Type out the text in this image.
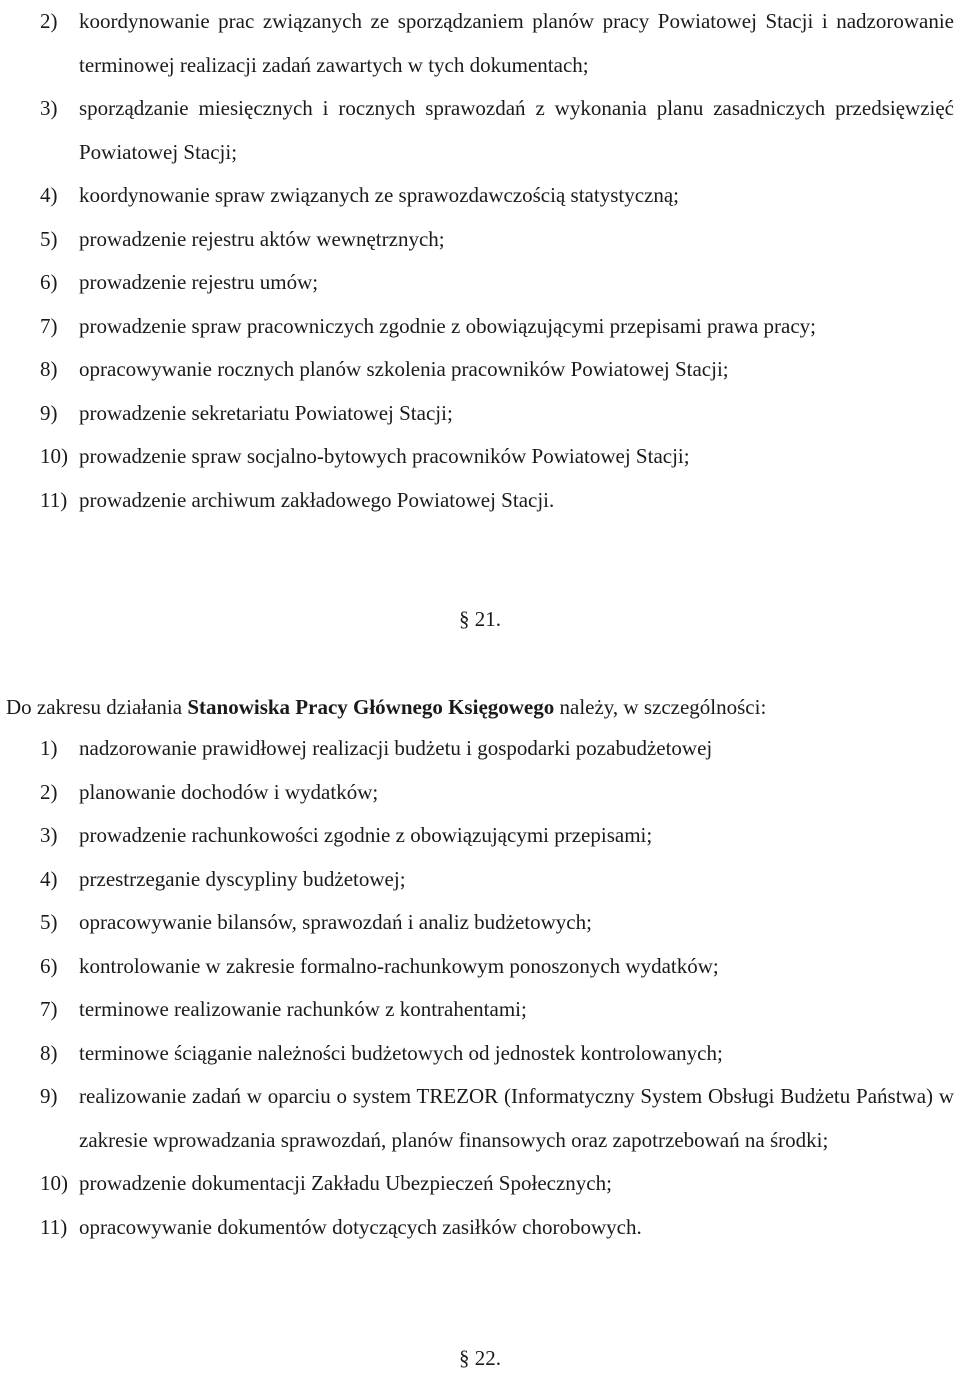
2) koordynowanie prac związanych ze sporządzaniem planów pracy Powiatowej Stacji i nadzorowanie terminowej realizacji zadań zawartych w tych dokumentach;
3) sporządzanie miesięcznych i rocznych sprawozdań z wykonania planu zasadniczych przedsięwzięć Powiatowej Stacji;
4) koordynowanie spraw związanych ze sprawozdawczością statystyczną;
5) prowadzenie rejestru aktów wewnętrznych;
6) prowadzenie rejestru umów;
7) prowadzenie spraw pracowniczych zgodnie z obowiązującymi przepisami prawa pracy;
8) opracowywanie rocznych planów szkolenia pracowników Powiatowej Stacji;
9) prowadzenie sekretariatu Powiatowej Stacji;
10) prowadzenie spraw socjalno-bytowych pracowników Powiatowej Stacji;
11) prowadzenie archiwum zakładowego Powiatowej Stacji.
§ 21.
Do zakresu działania Stanowiska Pracy Głównego Księgowego należy, w szczególności:
1) nadzorowanie prawidłowej realizacji budżetu i gospodarki pozabudżetowej
2) planowanie dochodów i wydatków;
3) prowadzenie rachunkowości zgodnie z obowiązującymi przepisami;
4) przestrzeganie dyscypliny budżetowej;
5) opracowywanie bilansów, sprawozdań i analiz budżetowych;
6) kontrolowanie w zakresie formalno-rachunkowym ponoszonych wydatków;
7) terminowe realizowanie rachunków z kontrahentami;
8) terminowe ściąganie należności budżetowych od jednostek kontrolowanych;
9) realizowanie zadań w oparciu o system TREZOR (Informatyczny System Obsługi Budżetu Państwa) w zakresie wprowadzania sprawozdań, planów finansowych oraz zapotrzebowań na środki;
10) prowadzenie dokumentacji Zakładu Ubezpieczeń Społecznych;
11) opracowywanie dokumentów dotyczących zasiłków chorobowych.
§ 22.
